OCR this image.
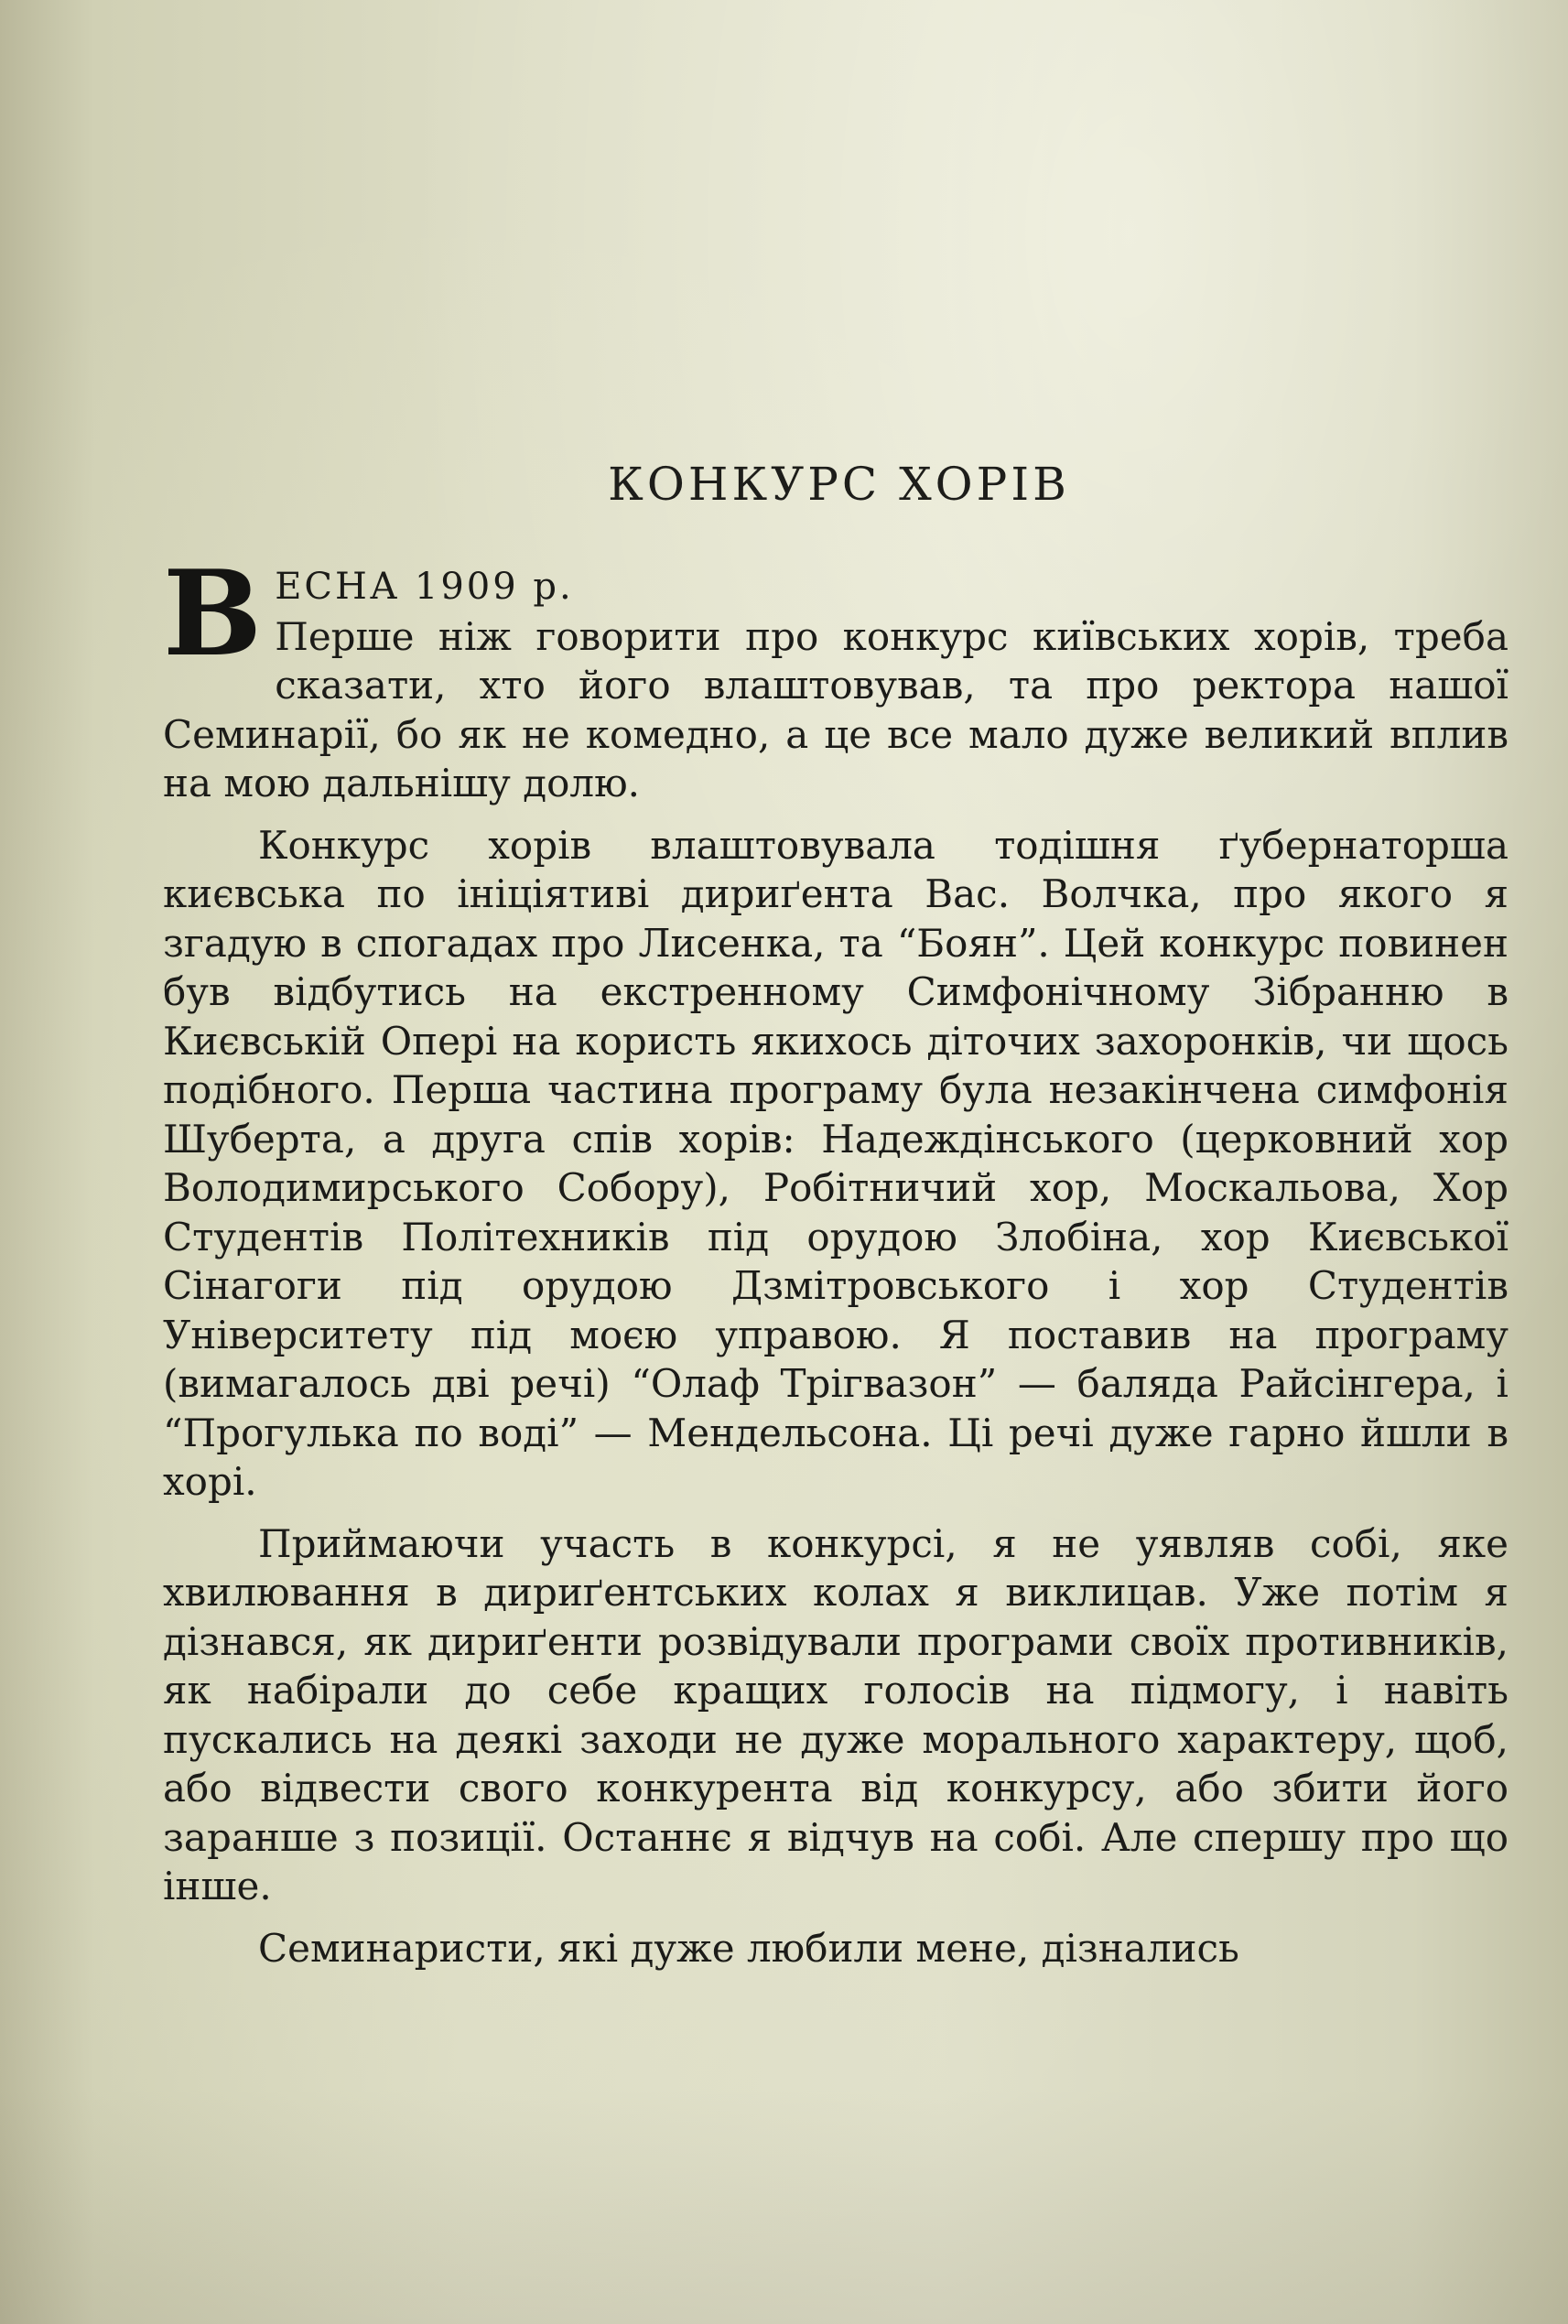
КОНКУРС ХОРІВ
В ЕСНА 1909 р.

Перше ніж говорити про конкурс київських хорів, треба сказати, хто його влаштовував, та про ректора нашої Семинарії, бо як не комедно, а це все мало дуже великий вплив на мою дальнішу долю.

Конкурс хорів влаштовувала тодішня ґубернаторша києвська по ініціятиві дириґента Вас. Волчка, про якого я згадую в спогадах про Лисенка, та “Боян”. Цей конкурс повинен був відбутись на екстренному Симфонічному Зібранню в Києвській Опері на користь якихось діточих захоронків, чи щось подібного. Перша частина програму була незакінчена симфонія Шуберта, а друга спів хорів: Надеждінського (церковний хор Володимирського Собору), Робітничий хор, Москальова, Хор Студентів Політехників під орудою Злобіна, хор Києвської Сінагоги під орудою Дзмітровського і хор Студентів Університету під моєю управою. Я поставив на програму (вимагалось дві речі) “Олаф Трігвазон” — баляда Райсінгера, і “Прогулька по воді” — Мендельсона. Ці речі дуже гарно йшли в хорі.

Приймаючи участь в конкурсі, я не уявляв собі, яке хвилювання в дириґентських колах я виклицав. Уже потім я дізнався, як дириґенти розвідували програми своїх противників, як набірали до себе кращих голосів на підмогу, і навіть пускались на деякі заходи не дуже морального характеру, щоб, або відвести свого конкурента від конкурсу, або збити його заранше з позиції. Останнє я відчув на собі. Але спершу про що інше.

Семинаристи, які дуже любили мене, дізнались
